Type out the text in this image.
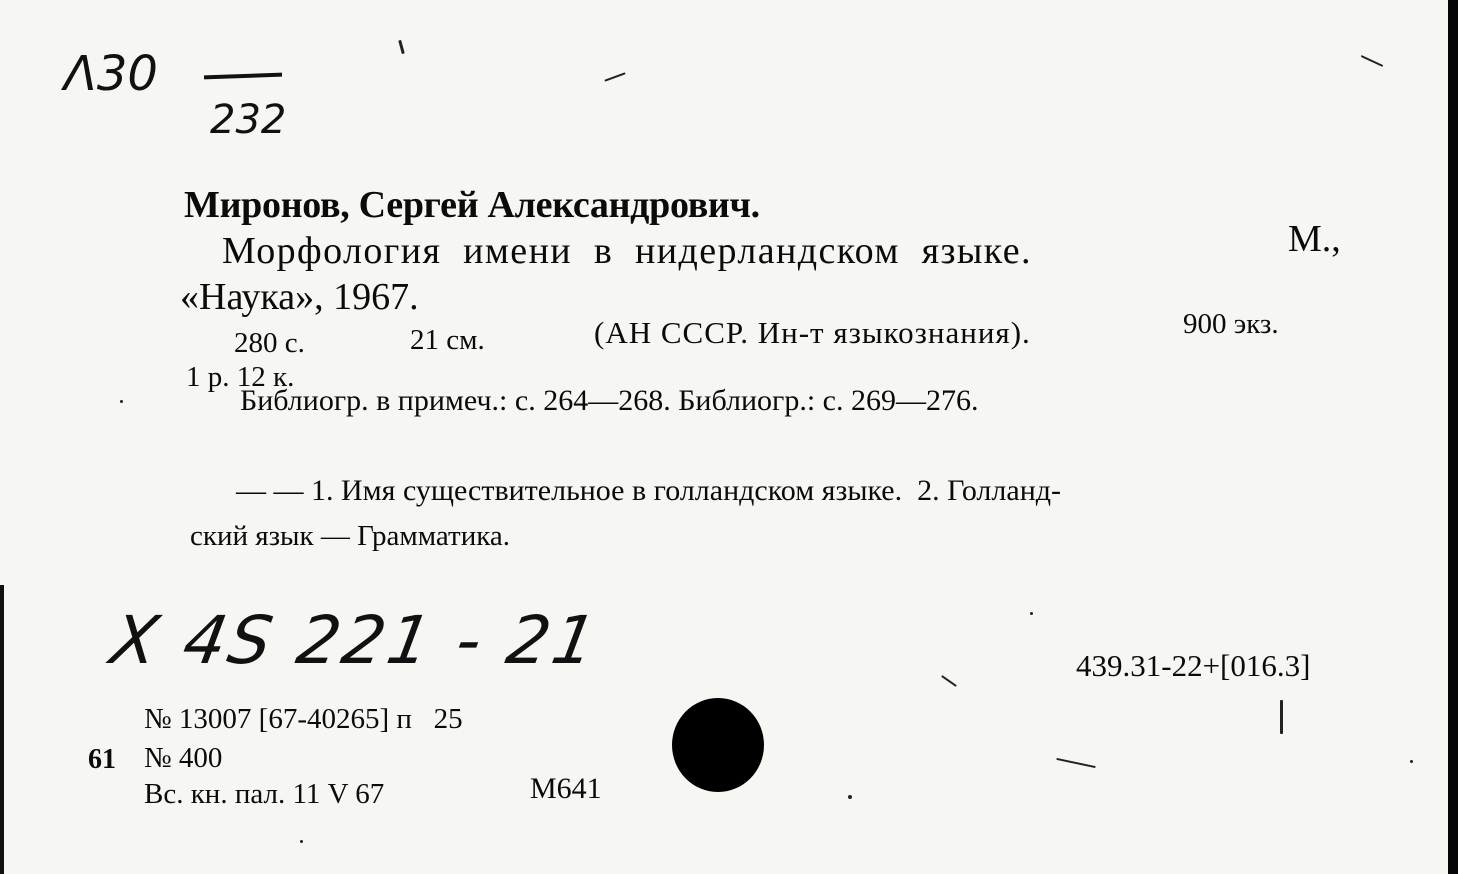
Λ30
232
Миронов, Сергей Александрович.
Морфология  имени  в  нидерландском  языке.	М.,
«Наука», 1967.
280 с.	21 см.	(АН СССР. Ин-т языкознания).	900 экз.
1 р. 12 к.
Библиогр. в примеч.: с. 264—268. Библиогр.: с. 269—276.
— — 1. Имя существительное в голландском языке.  2. Голланд-
ский язык — Грамматика.
X 4S 221 - 21	439.31-22+[016.3]
№ 13007 [67-40265] п   25
61 № 400
Вс. кн. пал. 11 V 67	М641
